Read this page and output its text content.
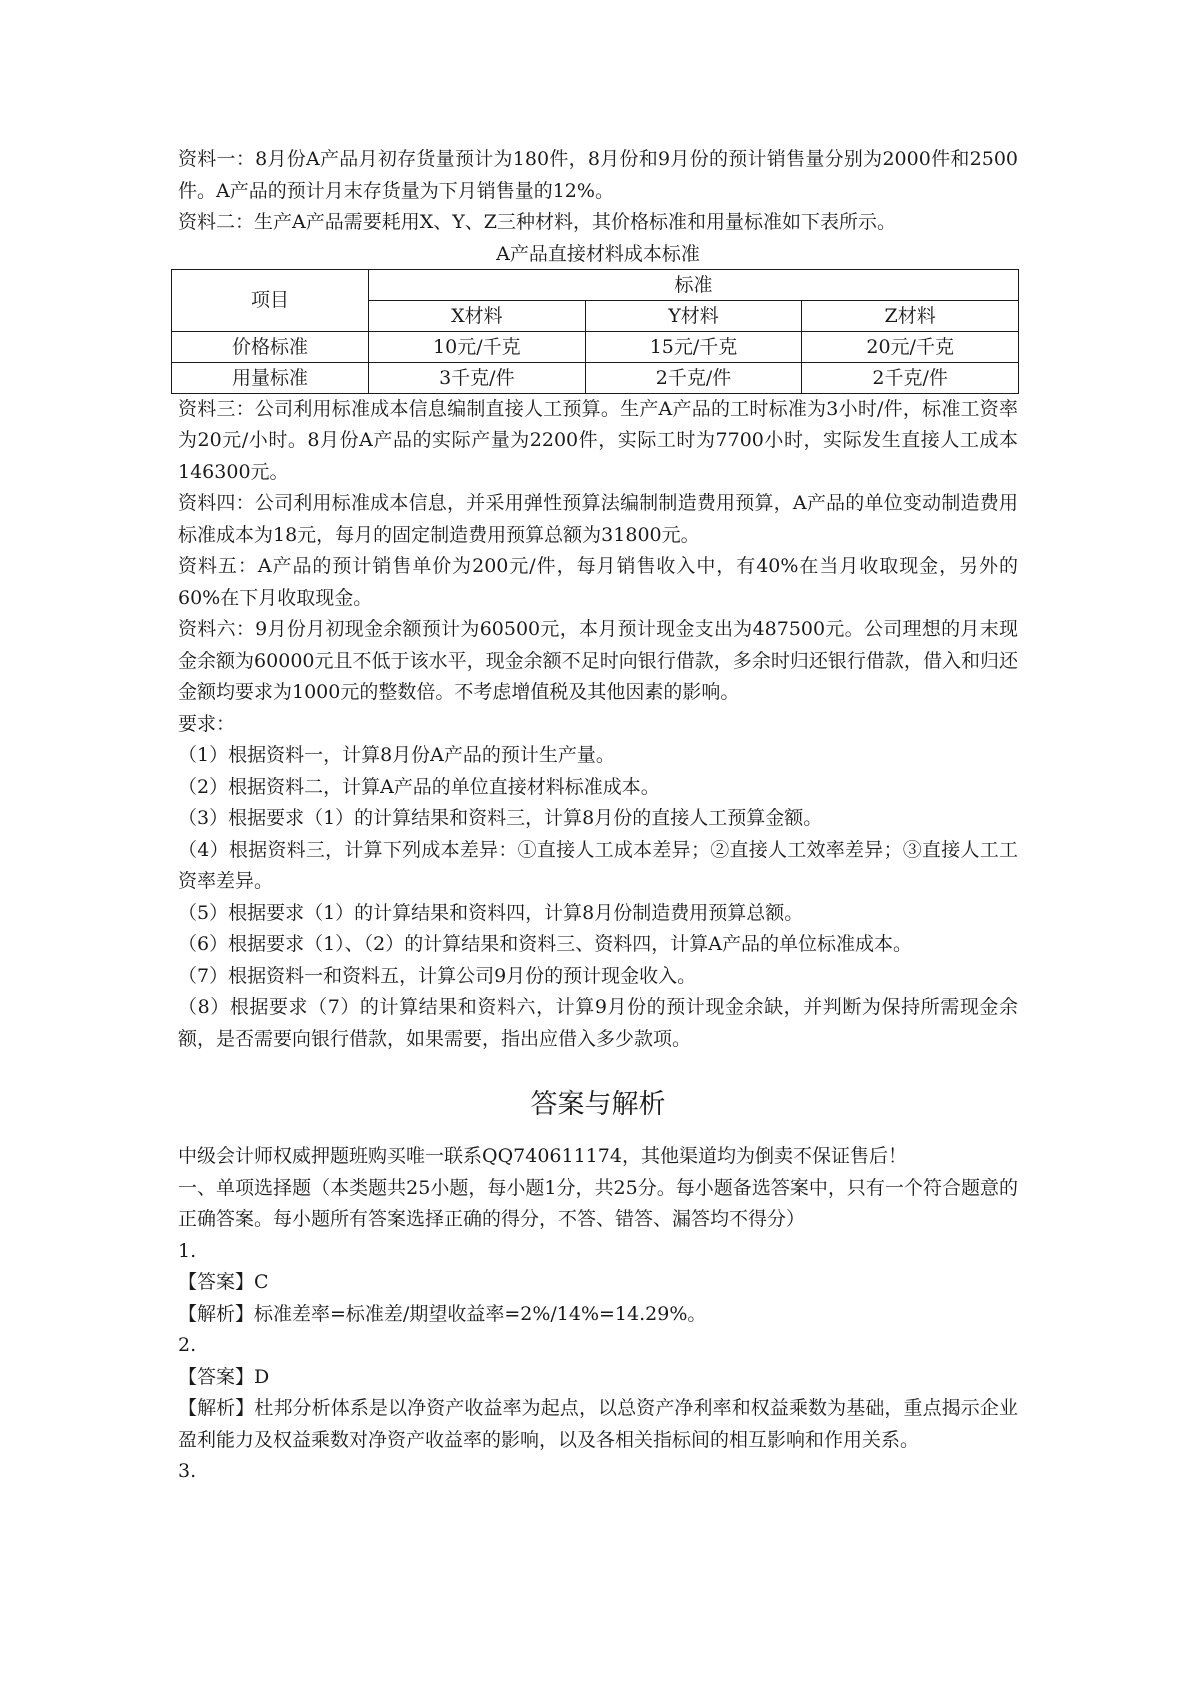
资料一：8月份A产品月初存货量预计为180件，8月份和9月份的预计销售量分别为2000件和2500件。A产品的预计月末存货量为下月销售量的12%。

资料二：生产A产品需要耗用X、Y、Z三种材料，其价格标准和用量标准如下表所示。

A产品直接材料成本标准

项目	标准		
	X材料	Y材料	Z材料
价格标准	10元/千克	15元/千克	20元/千克
用量标准	3千克/件	2千克/件	2千克/件

资料三：公司利用标准成本信息编制直接人工预算。生产A产品的工时标准为3小时/件，标准工资率为20元/小时。8月份A产品的实际产量为2200件，实际工时为7700小时，实际发生直接人工成本146300元。

资料四：公司利用标准成本信息，并采用弹性预算法编制制造费用预算，A产品的单位变动制造费用标准成本为18元，每月的固定制造费用预算总额为31800元。

资料五：A产品的预计销售单价为200元/件，每月销售收入中，有40%在当月收取现金，另外的60%在下月收取现金。

资料六：9月份月初现金余额预计为60500元，本月预计现金支出为487500元。公司理想的月末现金余额为60000元且不低于该水平，现金余额不足时向银行借款，多余时归还银行借款，借入和归还金额均要求为1000元的整数倍。不考虑增值税及其他因素的影响。

要求：

（1）根据资料一，计算8月份A产品的预计生产量。

（2）根据资料二，计算A产品的单位直接材料标准成本。

（3）根据要求（1）的计算结果和资料三，计算8月份的直接人工预算金额。

（4）根据资料三，计算下列成本差异：①直接人工成本差异；②直接人工效率差异；③直接人工工资率差异。

（5）根据要求（1）的计算结果和资料四，计算8月份制造费用预算总额。

（6）根据要求（1）、（2）的计算结果和资料三、资料四，计算A产品的单位标准成本。

（7）根据资料一和资料五，计算公司9月份的预计现金收入。

（8）根据要求（7）的计算结果和资料六，计算9月份的预计现金余缺，并判断为保持所需现金余额，是否需要向银行借款，如果需要，指出应借入多少款项。

答案与解析

中级会计师权威押题班购买唯一联系QQ740611174，其他渠道均为倒卖不保证售后！

一、单项选择题（本类题共25小题，每小题1分，共25分。每小题备选答案中，只有一个符合题意的正确答案。每小题所有答案选择正确的得分，不答、错答、漏答均不得分）

1.

【答案】C

【解析】标准差率=标准差/期望收益率=2%/14%=14.29%。

2.

【答案】D

【解析】杜邦分析体系是以净资产收益率为起点，以总资产净利率和权益乘数为基础，重点揭示企业盈利能力及权益乘数对净资产收益率的影响，以及各相关指标间的相互影响和作用关系。

3.
